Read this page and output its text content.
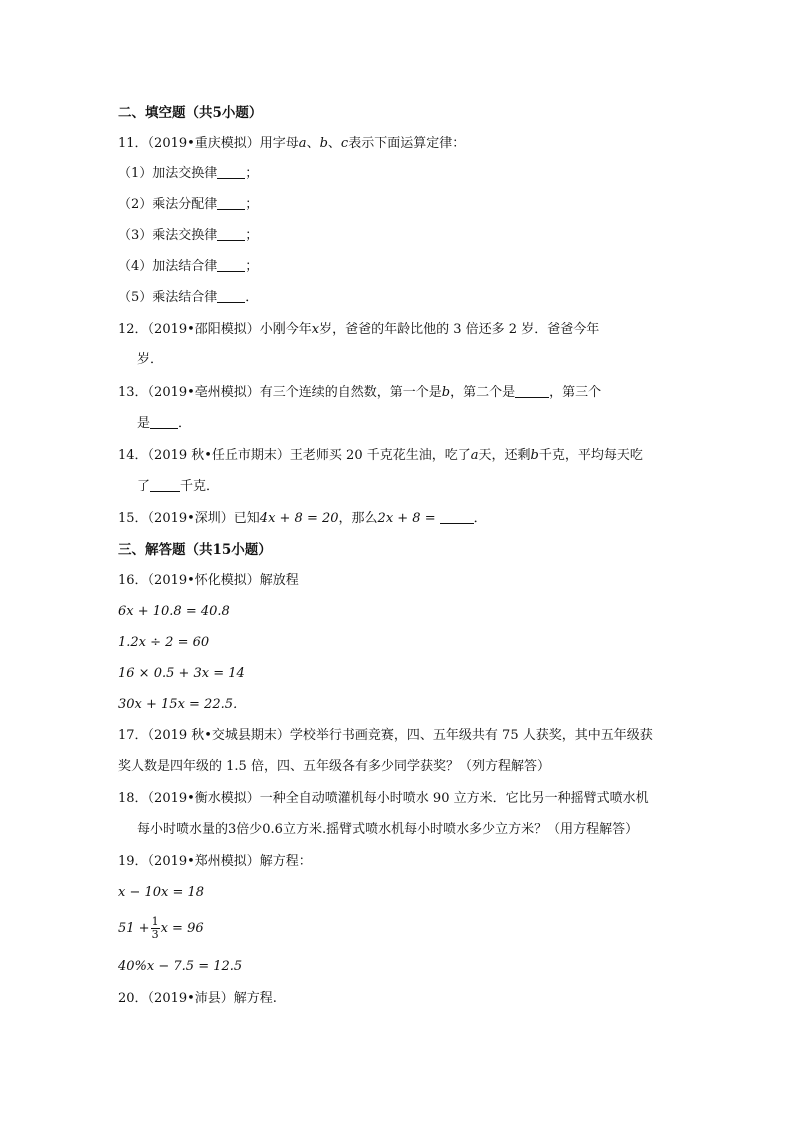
二、填空题（共5小题）
11．（2019•重庆模拟）用字母a、b、c表示下面运算定律：
（1）加法交换律 ；
（2）乘法分配律 ；
（3）乘法交换律 ；
（4）加法结合律 ；
（5）乘法结合律 ．
12．（2019•邵阳模拟）小刚今年x岁，爸爸的年龄比他的 3 倍还多 2 岁．爸爸今年
岁．
13．（2019•亳州模拟）有三个连续的自然数，第一个是b，第二个是	，第三个
是 ．
14．（2019 秋•任丘市期末）王老师买 20 千克花生油，吃了a天，还剩b千克，平均每天吃
了 千克．
15．（2019•深圳）已知4x + 8 = 20，那么2x + 8 =	．
三、解答题（共15小题）
16．（2019•怀化模拟）解放程
6x + 10.8 = 40.8
1.2x ÷ 2 = 60
16 × 0.5 + 3x = 14
30x + 15x = 22.5．
17．（2019 秋•交城县期末）学校举行书画竞赛，四、五年级共有 75 人获奖，其中五年级获
奖人数是四年级的 1.5 倍，四、五年级各有多少同学获奖？（列方程解答）
18．（2019•衡水模拟）一种全自动喷灌机每小时喷水 90 立方米．它比另一种摇臂式喷水机
每小时喷水量的3倍少0.6立方米.摇臂式喷水机每小时喷水多少立方米？（用方程解答）
19．（2019•郑州模拟）解方程：
x − 10x = 18
$51 + \frac{1}{3}$ x = 96
40%x − 7.5 = 12.5
20．（2019•沛县）解方程.
